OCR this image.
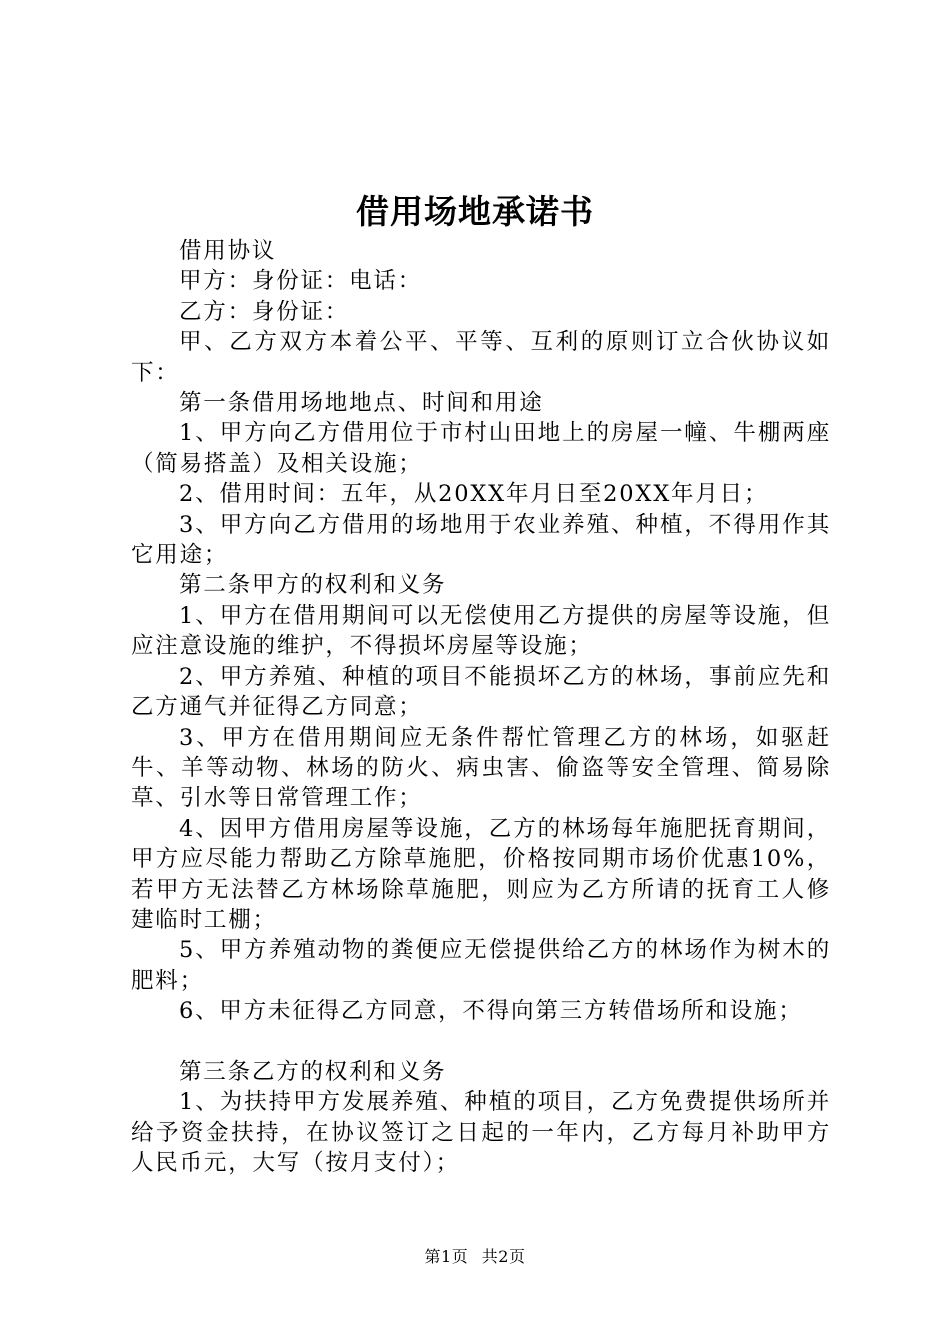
借用场地承诺书

借用协议

甲方：身份证：电话：

乙方：身份证：

甲、乙方双方本着公平、平等、互利的原则订立合伙协议如下：

第一条借用场地地点、时间和用途

1、甲方向乙方借用位于市村山田地上的房屋一幢、牛棚两座（简易搭盖）及相关设施；

2、借用时间：五年，从20XX年月日至20XX年月日；

3、甲方向乙方借用的场地用于农业养殖、种植，不得用作其它用途；

第二条甲方的权利和义务

1、甲方在借用期间可以无偿使用乙方提供的房屋等设施，但应注意设施的维护，不得损坏房屋等设施；

2、甲方养殖、种植的项目不能损坏乙方的林场，事前应先和乙方通气并征得乙方同意；

3、甲方在借用期间应无条件帮忙管理乙方的林场，如驱赶牛、羊等动物、林场的防火、病虫害、偷盗等安全管理、简易除草、引水等日常管理工作；

4、因甲方借用房屋等设施，乙方的林场每年施肥抚育期间，甲方应尽能力帮助乙方除草施肥，价格按同期市场价优惠10%，若甲方无法替乙方林场除草施肥，则应为乙方所请的抚育工人修建临时工棚；

5、甲方养殖动物的粪便应无偿提供给乙方的林场作为树木的肥料；

6、甲方未征得乙方同意，不得向第三方转借场所和设施；

第三条乙方的权利和义务

1、为扶持甲方发展养殖、种植的项目，乙方免费提供场所并给予资金扶持，在协议签订之日起的一年内，乙方每月补助甲方人民币元，大写（按月支付）；

第1页 共2页
